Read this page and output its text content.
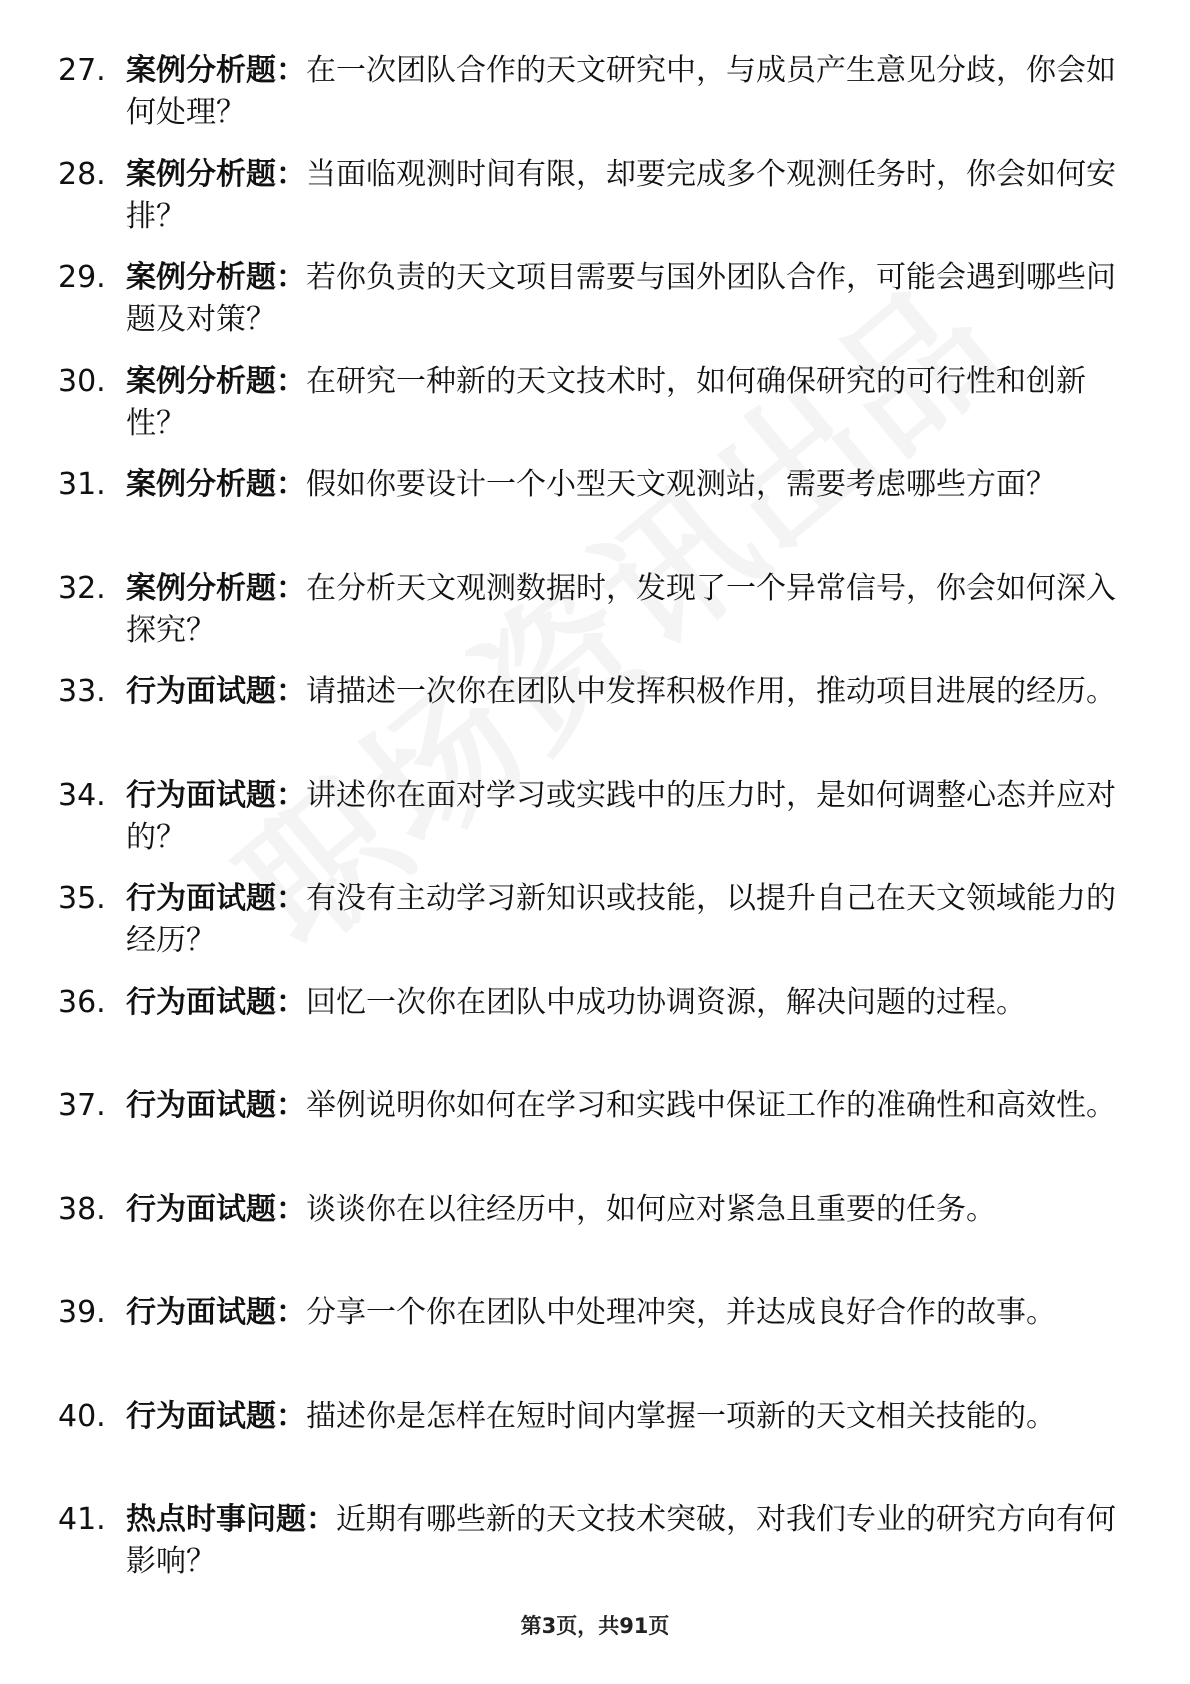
27. 案例分析题：在一次团队合作的天文研究中，与成员产生意见分歧，你会如何处理？
28. 案例分析题：当面临观测时间有限，却要完成多个观测任务时，你会如何安排？
29. 案例分析题：若你负责的天文项目需要与国外团队合作，可能会遇到哪些问题及对策？
30. 案例分析题：在研究一种新的天文技术时，如何确保研究的可行性和创新性？
31. 案例分析题：假如你要设计一个小型天文观测站，需要考虑哪些方面？
32. 案例分析题：在分析天文观测数据时，发现了一个异常信号，你会如何深入探究？
33. 行为面试题：请描述一次你在团队中发挥积极作用，推动项目进展的经历。
34. 行为面试题：讲述你在面对学习或实践中的压力时，是如何调整心态并应对的？
35. 行为面试题：有没有主动学习新知识或技能，以提升自己在天文领域能力的经历？
36. 行为面试题：回忆一次你在团队中成功协调资源，解决问题的过程。
37. 行为面试题：举例说明你如何在学习和实践中保证工作的准确性和高效性。
38. 行为面试题：谈谈你在以往经历中，如何应对紧急且重要的任务。
39. 行为面试题：分享一个你在团队中处理冲突，并达成良好合作的故事。
40. 行为面试题：描述你是怎样在短时间内掌握一项新的天文相关技能的。
41. 热点时事问题：近期有哪些新的天文技术突破，对我们专业的研究方向有何影响？
第3页，共91页
